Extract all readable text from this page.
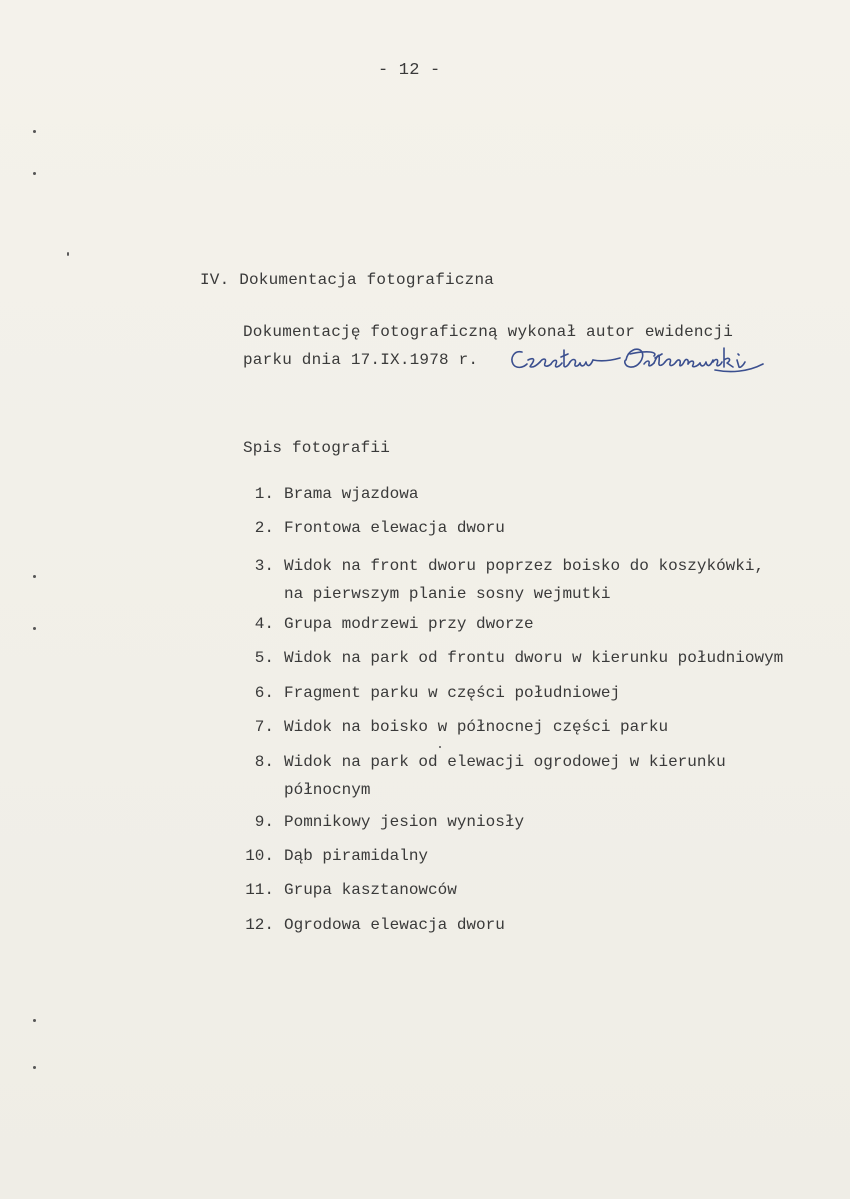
- 12 -
IV. Dokumentacja fotograficzna
Dokumentację fotograficzną wykonał autor ewidencji
parku dnia 17.IX.1978 r.
Spis fotografii
1. Brama wjazdowa
2. Frontowa elewacja dworu
3. Widok na front dworu poprzez boisko do koszykówki,
na pierwszym planie sosny wejmutki
4. Grupa modrzewi przy dworze
5. Widok na park od frontu dworu w kierunku południowym
6. Fragment parku w części południowej
7. Widok na boisko w północnej części parku
8. Widok na park od elewacji ogrodowej w kierunku
północnym
9. Pomnikowy jesion wyniosły
10. Dąb piramidalny
11. Grupa kasztanowców
12. Ogrodowa elewacja dworu
